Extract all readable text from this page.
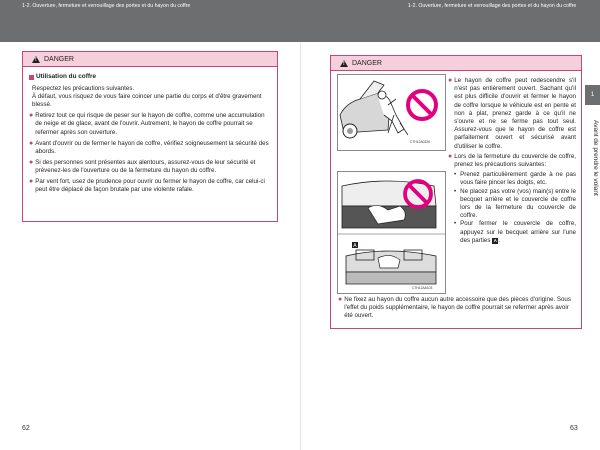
1-2. Ouverture, fermeture et verrouillage des portes et du hayon du coffre	1-2. Ouverture, fermeture et verrouillage des portes et du hayon du coffre
1
Avant de prendre le volant
! DANGER
Utilisation du coffre
Respectez les précautions suivantes.
À défaut, vous risquez de vous faire coincer une partie du corps et d'être gravement blessé.
● Retirez tout ce qui risque de peser sur le hayon de coffre, comme une accumulation de neige et de glace, avant de l'ouvrir. Autrement, le hayon de coffre pourrait se refermer après son ouverture.
● Avant d'ouvrir ou de fermer le hayon de coffre, vérifiez soigneusement la sécurité des abords.
● Si des personnes sont présentes aux alentours, assurez-vous de leur sécurité et prévenez-les de l'ouverture ou de la fermeture du hayon du coffre.
● Par vent fort, usez de prudence pour ouvrir ou fermer le hayon de coffre, car celui-ci peut être déplacé de façon brutale par une violente rafale.
! DANGER
CTH12A0226
A
CTH12AA103
● Le hayon de coffre peut redescendre s'il n'est pas entièrement ouvert. Sachant qu'il est plus difficile d'ouvrir et fermer le hayon de coffre lorsque le véhicule est en pente et non à plat, prenez garde à ce qu'il ne s'ouvre et ne se ferme pas tout seul. Assurez-vous que le hayon de coffre est parfaitement ouvert et sécurisé avant d'utiliser le coffre.
● Lors de la fermeture du couvercle de coffre, prenez les précautions suivantes:
• Prenez particulièrement garde à ne pas vous faire pincer les doigts, etc.
• Ne placez pas votre (vos) main(s) entre le becquet arrière et le couvercle de coffre lors de la fermeture du couvercle de coffre.
• Pour fermer le couvercle de coffre, appuyez sur le becquet arrière sur l'une des parties A.
● Ne fixez au hayon du coffre aucun autre accessoire que des pièces d'origine. Sous l'effet du poids supplémentaire, le hayon de coffre pourrait se refermer après avoir été ouvert.
62	63
